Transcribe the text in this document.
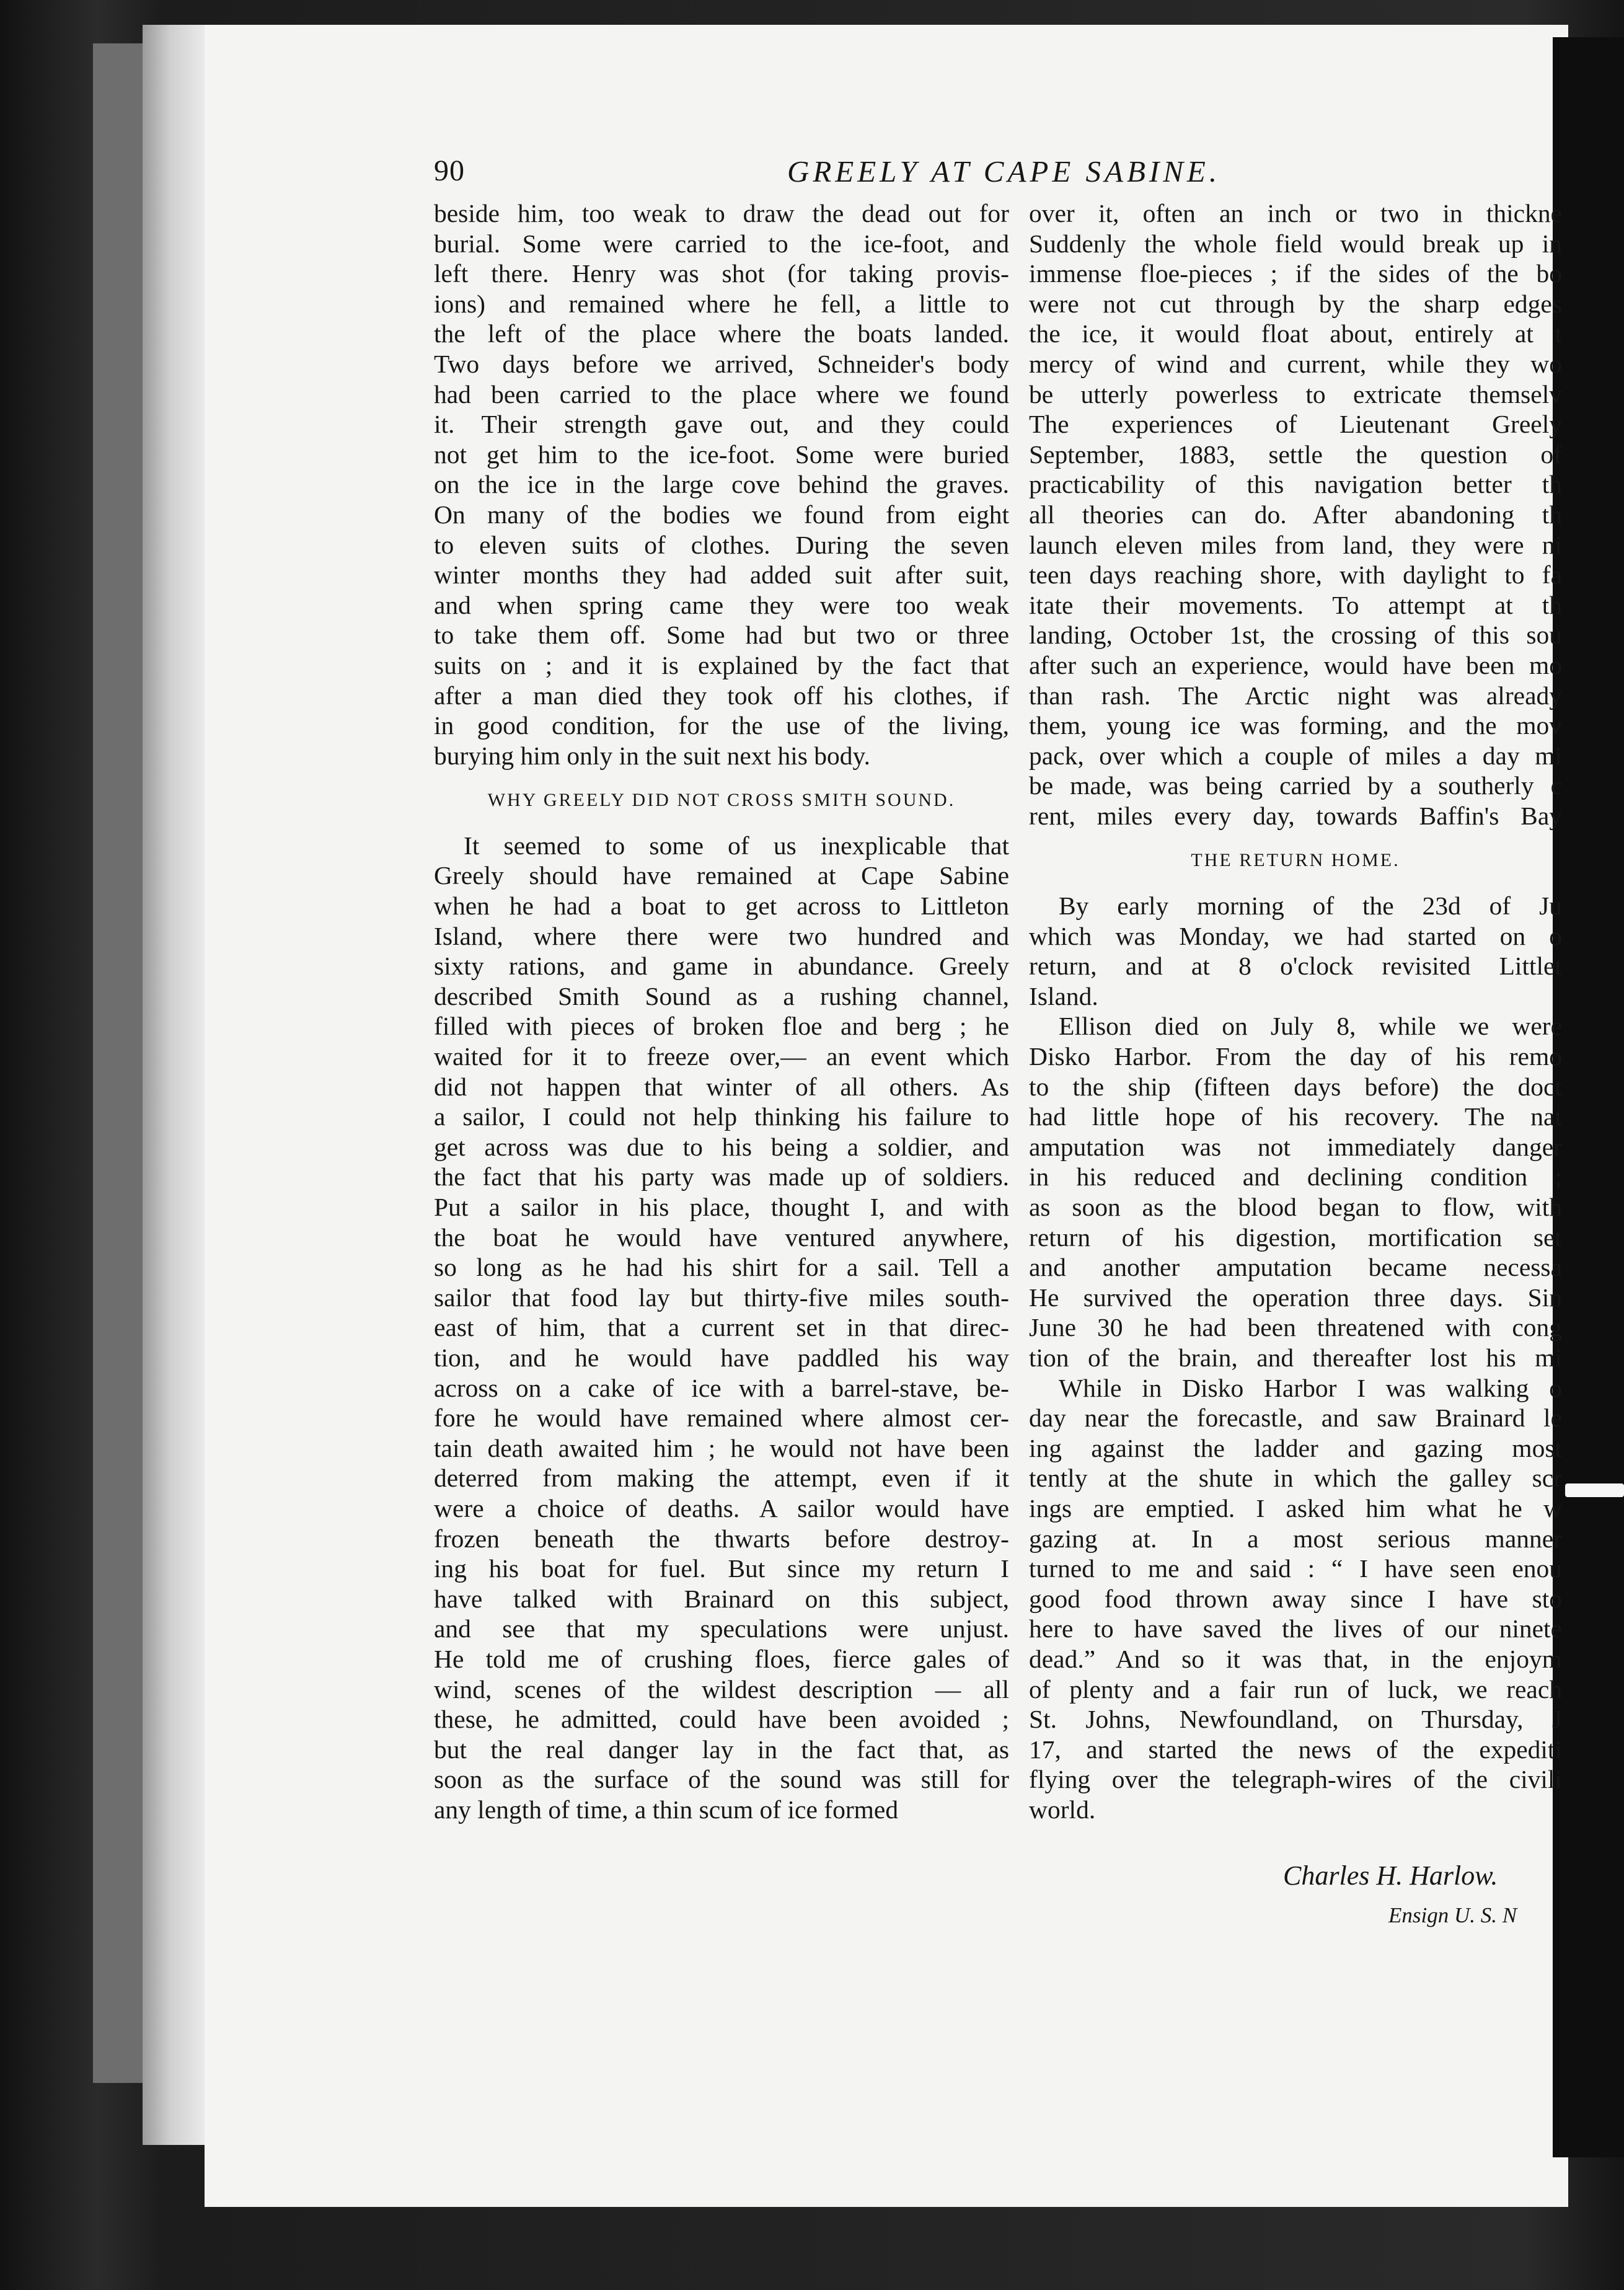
90	GREELY AT CAPE SABINE.
beside him, too weak to draw the dead out for
burial. Some were carried to the ice-foot, and
left there. Henry was shot (for taking provis-
ions) and remained where he fell, a little to
the left of the place where the boats landed.
Two days before we arrived, Schneider's body
had been carried to the place where we found
it. Their strength gave out, and they could
not get him to the ice-foot. Some were buried
on the ice in the large cove behind the graves.
On many of the bodies we found from eight
to eleven suits of clothes. During the seven
winter months they had added suit after suit,
and when spring came they were too weak
to take them off. Some had but two or three
suits on ; and it is explained by the fact that
after a man died they took off his clothes, if
in good condition, for the use of the living,
burying him only in the suit next his body.
WHY GREELY DID NOT CROSS SMITH SOUND.
It seemed to some of us inexplicable that
Greely should have remained at Cape Sabine
when he had a boat to get across to Littleton
Island, where there were two hundred and
sixty rations, and game in abundance. Greely
described Smith Sound as a rushing channel,
filled with pieces of broken floe and berg ; he
waited for it to freeze over,— an event which
did not happen that winter of all others. As
a sailor, I could not help thinking his failure to
get across was due to his being a soldier, and
the fact that his party was made up of soldiers.
Put a sailor in his place, thought I, and with
the boat he would have ventured anywhere,
so long as he had his shirt for a sail. Tell a
sailor that food lay but thirty-five miles south-
east of him, that a current set in that direc-
tion, and he would have paddled his way
across on a cake of ice with a barrel-stave, be-
fore he would have remained where almost cer-
tain death awaited him ; he would not have been
deterred from making the attempt, even if it
were a choice of deaths. A sailor would have
frozen beneath the thwarts before destroy-
ing his boat for fuel. But since my return I
have talked with Brainard on this subject,
and see that my speculations were unjust.
He told me of crushing floes, fierce gales of
wind, scenes of the wildest description — all
these, he admitted, could have been avoided ;
but the real danger lay in the fact that, as
soon as the surface of the sound was still for
any length of time, a thin scum of ice formed
over it, often an inch or two in thickne
Suddenly the whole field would break up in
immense floe-pieces ; if the sides of the bo
were not cut through by the sharp edges
the ice, it would float about, entirely at t
mercy of wind and current, while they wo
be utterly powerless to extricate themselv
The experiences of Lieutenant Greely
September, 1883, settle the question of
practicability of this navigation better th
all theories can do. After abandoning th
launch eleven miles from land, they were ni
teen days reaching shore, with daylight to fa
itate their movements. To attempt at th
landing, October 1st, the crossing of this sou
after such an experience, would have been mo
than rash. The Arctic night was already
them, young ice was forming, and the mov
pack, over which a couple of miles a day mi
be made, was being carried by a southerly c
rent, miles every day, towards Baffin's Bay
THE RETURN HOME.
By early morning of the 23d of Ju
which was Monday, we had started on o
return, and at 8 o'clock revisited Littlet
Island.
Ellison died on July 8, while we were
Disko Harbor. From the day of his remo
to the ship (fifteen days before) the doct
had little hope of his recovery. The nat
amputation was not immediately danger
in his reduced and declining condition ;
as soon as the blood began to flow, with
return of his digestion, mortification set
and another amputation became necessa
He survived the operation three days. Sin
June 30 he had been threatened with cong
tion of the brain, and thereafter lost his mi
While in Disko Harbor I was walking o
day near the forecastle, and saw Brainard le
ing against the ladder and gazing most
tently at the shute in which the galley scr
ings are emptied. I asked him what he w
gazing at. In a most serious manner
turned to me and said : “ I have seen enou
good food thrown away since I have sto
here to have saved the lives of our ninete
dead.” And so it was that, in the enjoym
of plenty and a fair run of luck, we reach
St. Johns, Newfoundland, on Thursday, J
17, and started the news of the expediti
flying over the telegraph-wires of the civili
world.
Charles H. Harlow.
Ensign U. S. N
